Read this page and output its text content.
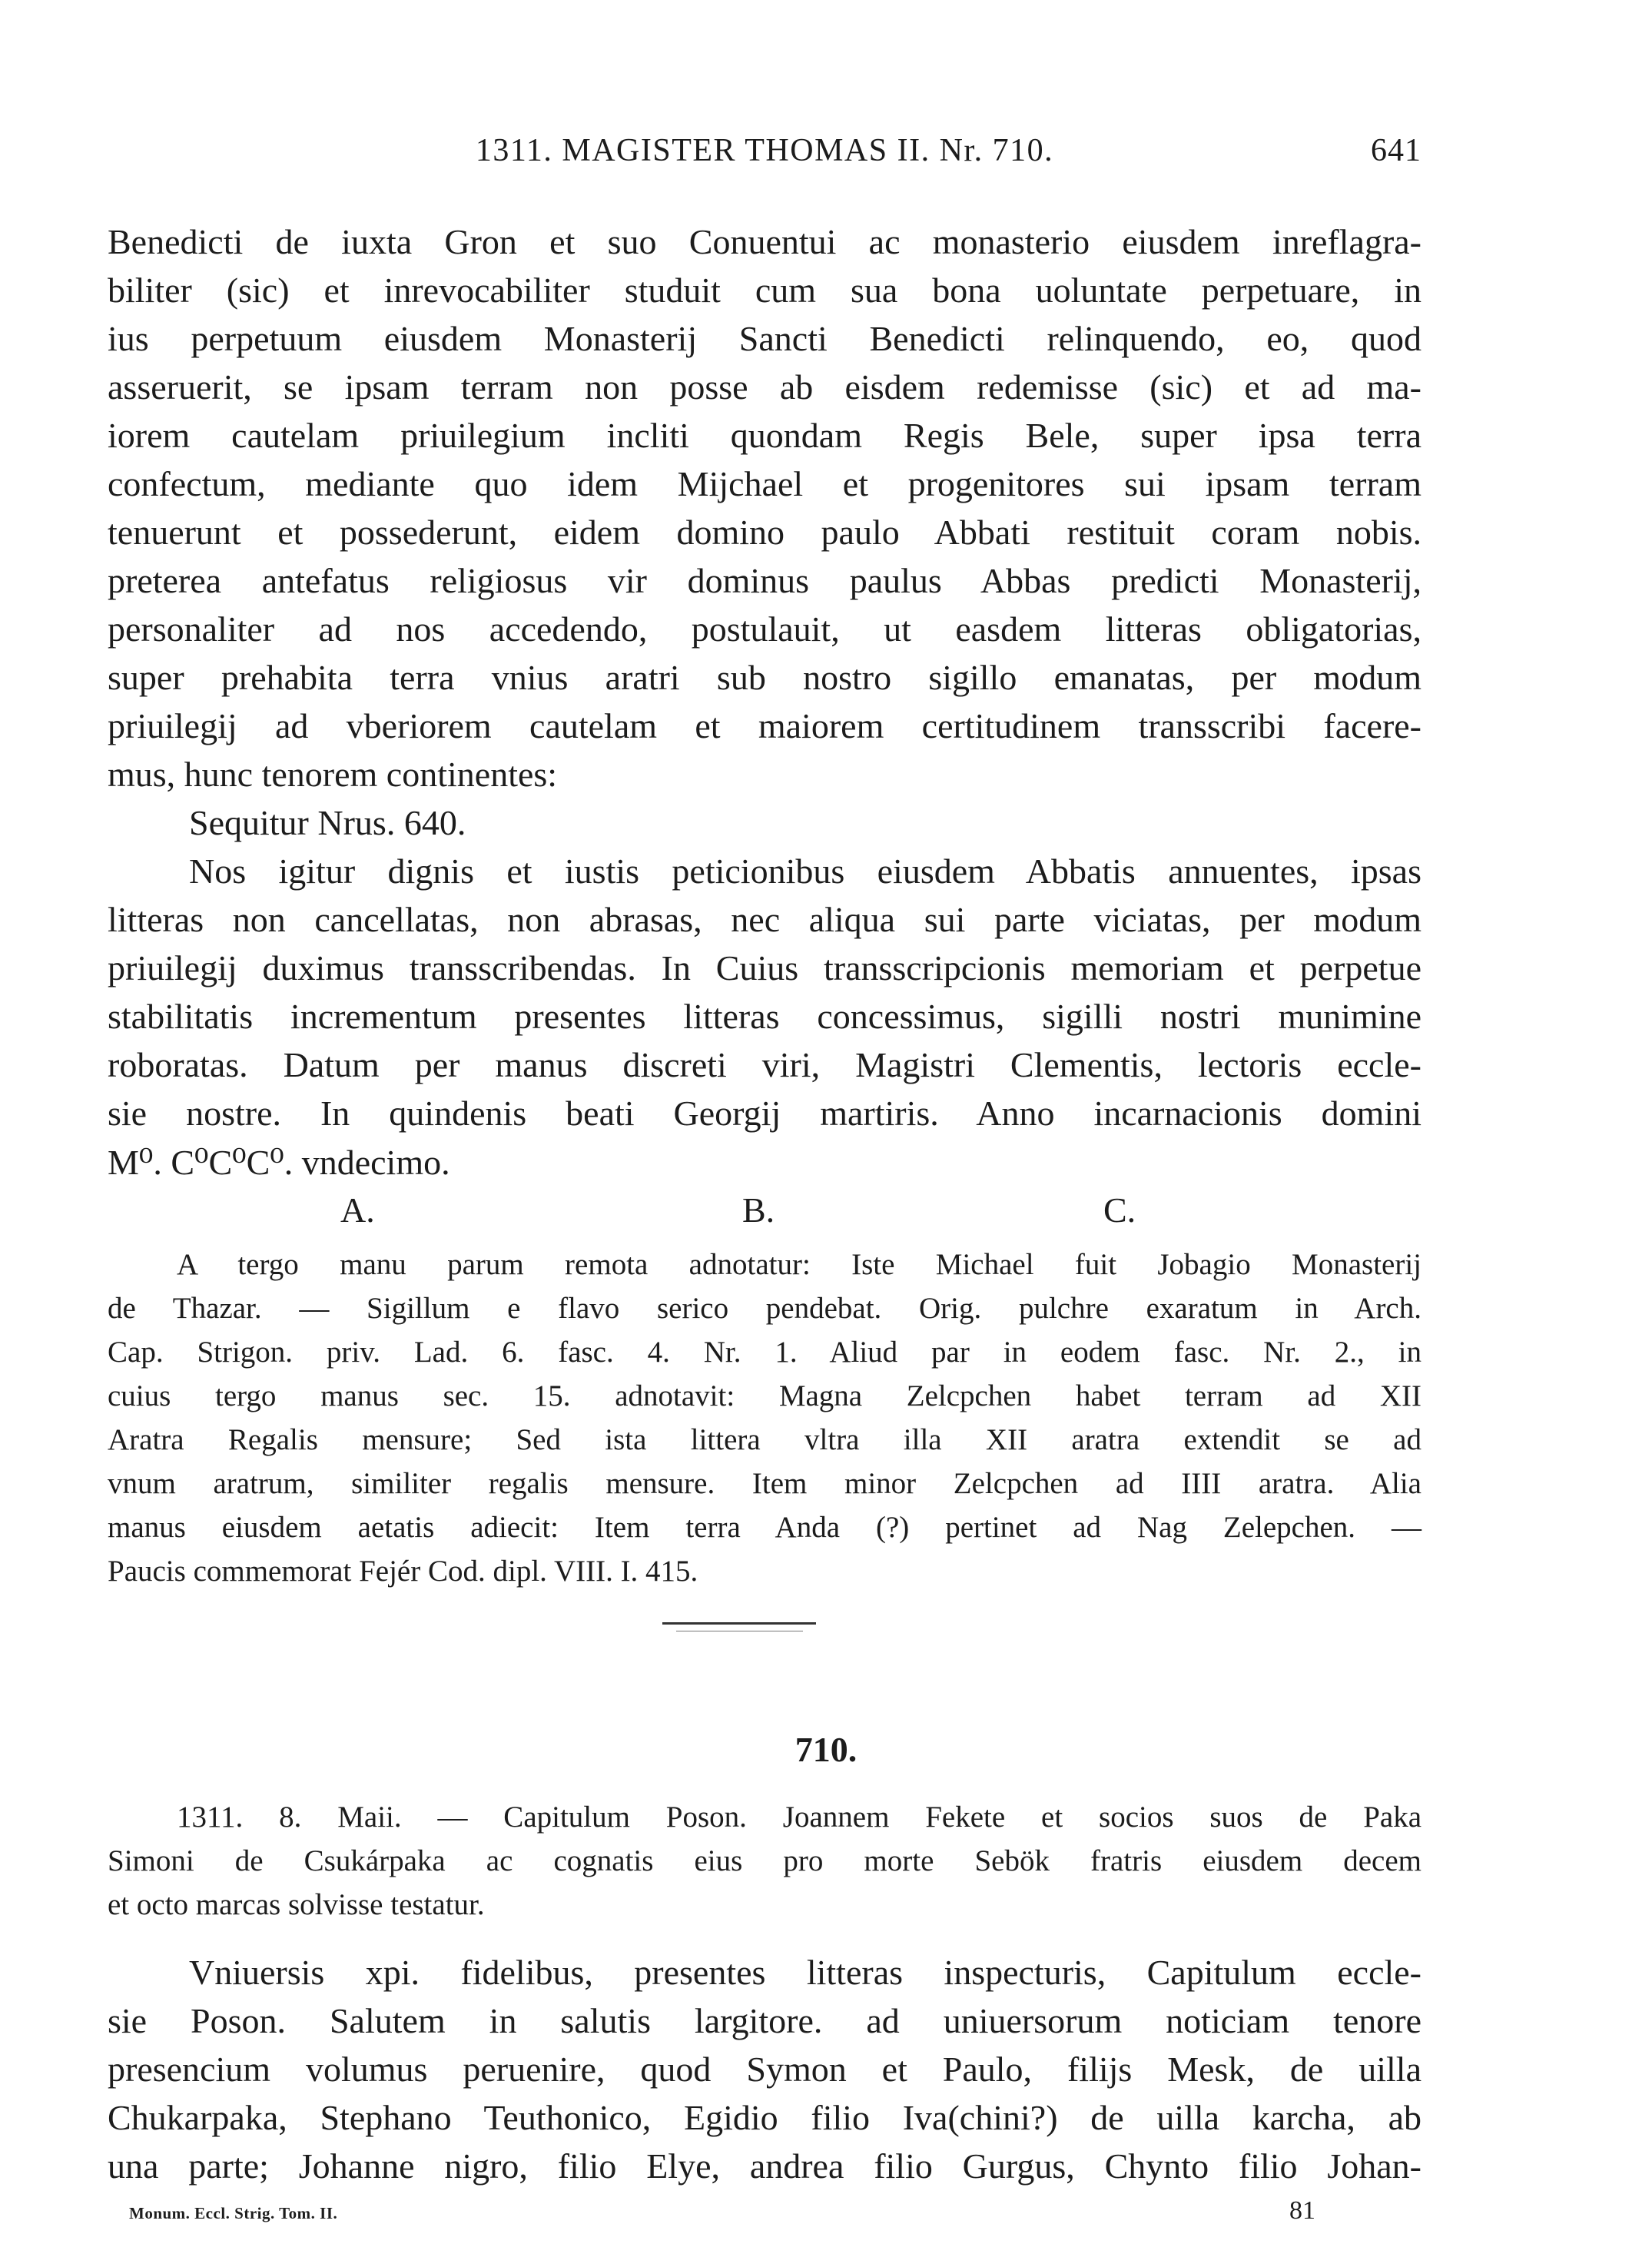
1311. MAGISTER THOMAS II. Nr. 710.	641
Benedicti de iuxta Gron et suo Conuentui ac monasterio eiusdem inreflagra-
biliter (sic) et inrevocabiliter studuit cum sua bona uoluntate perpetuare, in
ius perpetuum eiusdem Monasterij Sancti Benedicti relinquendo, eo, quod
asseruerit, se ipsam terram non posse ab eisdem redemisse (sic) et ad ma-
iorem cautelam priuilegium incliti quondam Regis Bele, super ipsa terra
confectum, mediante quo idem Mijchael et progenitores sui ipsam terram
tenuerunt et possederunt, eidem domino paulo Abbati restituit coram nobis.
preterea antefatus religiosus vir dominus paulus Abbas predicti Monasterij,
personaliter ad nos accedendo, postulauit, ut easdem litteras obligatorias,
super prehabita terra vnius aratri sub nostro sigillo emanatas, per modum
priuilegij ad vberiorem cautelam et maiorem certitudinem transscribi facere-
mus, hunc tenorem continentes:
Sequitur Nrus. 640.
Nos igitur dignis et iustis peticionibus eiusdem Abbatis annuentes, ipsas
litteras non cancellatas, non abrasas, nec aliqua sui parte viciatas, per modum
priuilegij duximus transscribendas. In Cuius transscripcionis memoriam et perpetue
stabilitatis incrementum presentes litteras concessimus, sigilli nostri munimine
roboratas. Datum per manus discreti viri, Magistri Clementis, lectoris eccle-
sie nostre. In quindenis beati Georgij martiris. Anno incarnacionis domini
M⁰. C⁰C⁰C⁰. vndecimo.
A.	B.	C.
A tergo manu parum remota adnotatur: Iste Michael fuit Jobagio Monasterij
de Thazar. — Sigillum e flavo serico pendebat. Orig. pulchre exaratum in Arch.
Cap. Strigon. priv. Lad. 6. fasc. 4. Nr. 1. Aliud par in eodem fasc. Nr. 2., in
cuius tergo manus sec. 15. adnotavit: Magna Zelcpchen habet terram ad XII
Aratra Regalis mensure; Sed ista littera vltra illa XII aratra extendit se ad
vnum aratrum, similiter regalis mensure. Item minor Zelcpchen ad IIII aratra. Alia
manus eiusdem aetatis adiecit: Item terra Anda (?) pertinet ad Nag Zelepchen. —
Paucis commemorat Fejér Cod. dipl. VIII. I. 415.
710.
1311. 8. Maii. — Capitulum Poson. Joannem Fekete et socios suos de Paka
Simoni de Csukárpaka ac cognatis eius pro morte Sebök fratris eiusdem decem
et octo marcas solvisse testatur.
Vniuersis xpi. fidelibus, presentes litteras inspecturis, Capitulum eccle-
sie Poson. Salutem in salutis largitore. ad uniuersorum noticiam tenore
presencium volumus peruenire, quod Symon et Paulo, filijs Mesk, de uilla
Chukarpaka, Stephano Teuthonico, Egidio filio Iva(chini?) de uilla karcha, ab
una parte; Johanne nigro, filio Elye, andrea filio Gurgus, Chynto filio Johan-
Monum. Eccl. Strig. Tom. II.	81
